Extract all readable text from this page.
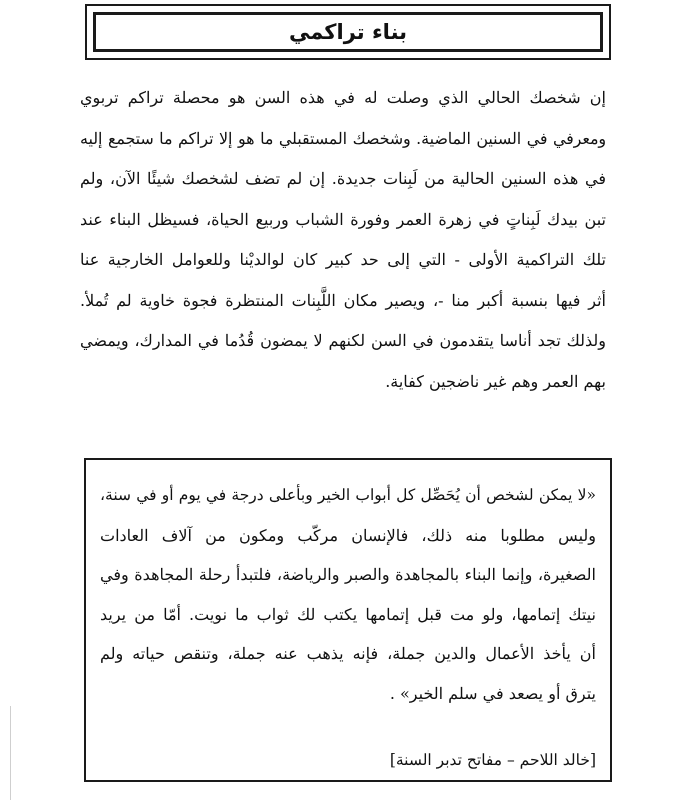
بناء تراكمي
إن شخصك الحالي الذي وصلت له في هذه السن هو محصلة تراكم تربوي
ومعرفي في السنين الماضية. وشخصك المستقبلي ما هو إلا تراكم ما ستجمع إليه
في هذه السنين الحالية من لَبِنات جديدة. إن لم تضف لشخصك شيئًا الآن، ولم
تبن بيدك لَبِناتٍ في زهرة العمر وفورة الشباب وربيع الحياة، فسيظل البناء عند
تلك التراكمية الأولى - التي إلى حد كبير كان لوالديْنا وللعوامل الخارجية عنا
أثر فيها بنسبة أكبر منا -، ويصير مكان اللَّبِنات المنتظرة فجوة خاوية لم تُملأ.
ولذلك تجد أناسا يتقدمون في السن لكنهم لا يمضون قُدُما في المدارك، ويمضي
بهم العمر وهم غير ناضجين كفاية.
«لا يمكن لشخص أن يُحَصِّل كل أبواب الخير وبأعلى درجة في يوم أو في سنة،
وليس مطلوبا منه ذلك، فالإنسان مركّب ومكون من آلاف العادات
الصغيرة، وإنما البناء بالمجاهدة والصبر والرياضة، فلتبدأ رحلة المجاهدة وفي
نيتك إتمامها، ولو مت قبل إتمامها يكتب لك ثواب ما نويت. أمّا من يريد
أن يأخذ الأعمال والدين جملة، فإنه يذهب عنه جملة، وتنقص حياته ولم
يترق أو يصعد في سلم الخير» .
[خالد اللاحم – مفاتح تدبر السنة]
